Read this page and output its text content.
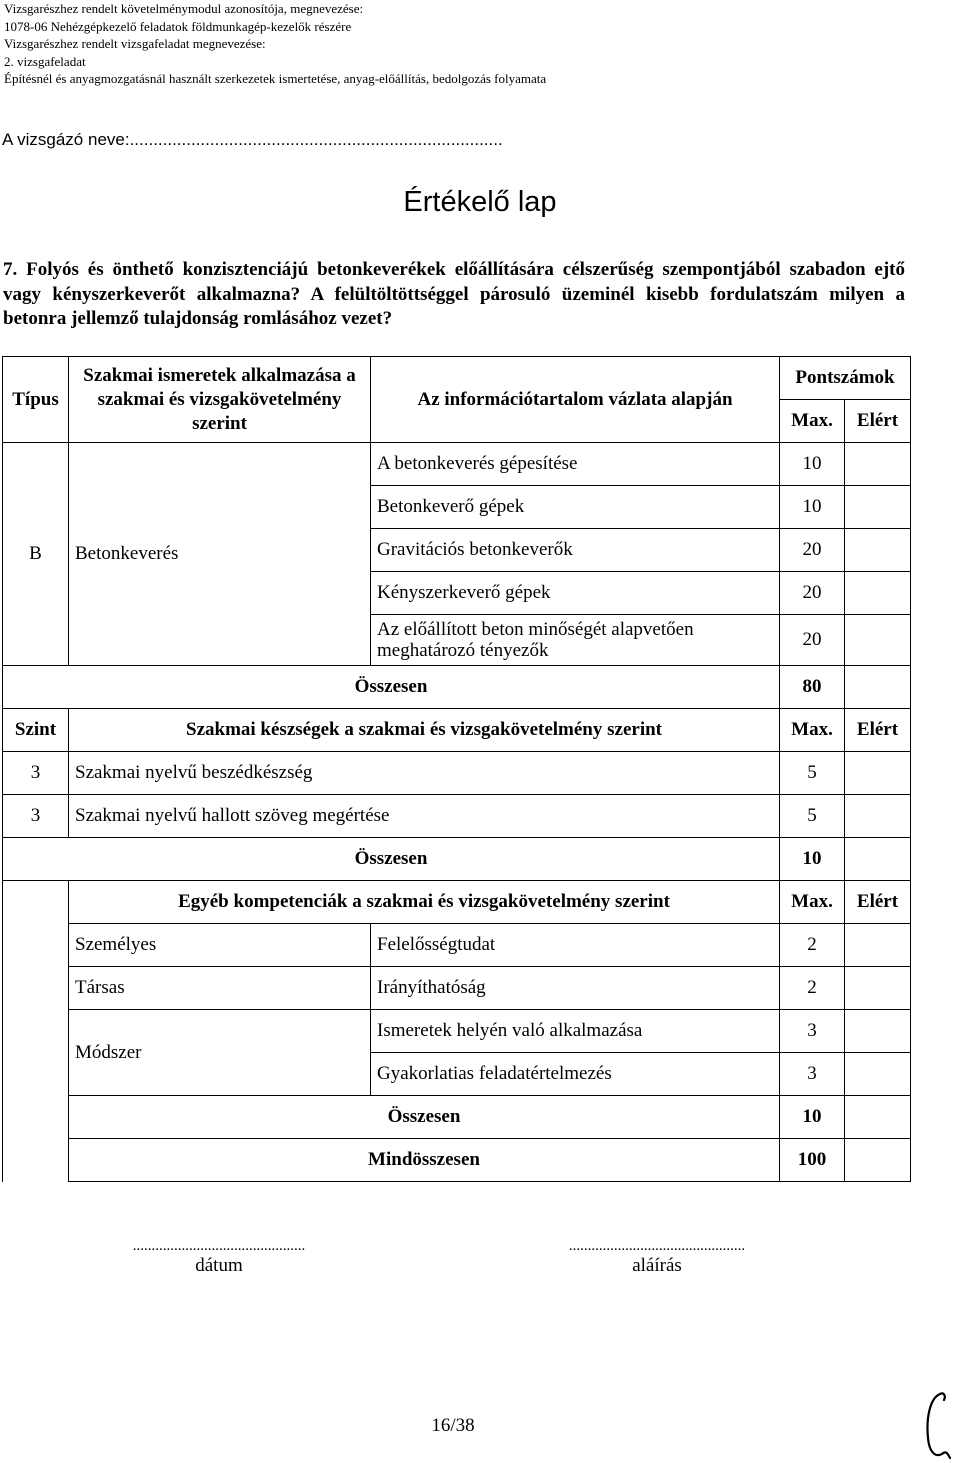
Vizsgarészhez rendelt követelménymodul azonosítója, megnevezése:
1078-06 Nehézgépkezelő feladatok földmunkagép-kezelők részére
Vizsgarészhez rendelt vizsgafeladat megnevezése:
2. vizsgafeladat
Építésnél és anyagmozgatásnál használt szerkezetek ismertetése, anyag-előállítás, bedolgozás folyamata
A vizsgázó neve:...............................................................................
Értékelő lap
7. Folyós és önthető konzisztenciájú betonkeverékek előállítására célszerűség szempontjából szabadon ejtő vagy kényszerkeverőt alkalmazna? A felültöltöttséggel párosuló üzeminél kisebb fordulatszám milyen a betonra jellemző tulajdonság romlásához vezet?
Típus	Szakmai ismeretek alkalmazása a szakmai és vizsgakövetelmény szerint	Az információtartalom vázlata alapján	Pontszámok	
			Max.	Elért
B	Betonkeverés	A betonkeverés gépesítése	10	
		Betonkeverő gépek	10	
		Gravitációs betonkeverők	20	
		Kényszerkeverő gépek	20	
		Az előállított beton minőségét alapvetően meghatározó tényezők	20	
Összesen			80	
Szint	Szakmai készségek a szakmai és vizsgakövetelmény szerint		Max.	Elért
3	Szakmai nyelvű beszédkészség		5	
3	Szakmai nyelvű hallott szöveg megértése		5	
Összesen			10	
	Egyéb kompetenciák a szakmai és vizsgakövetelmény szerint		Max.	Elért
	Személyes	Felelősségtudat	2	
	Társas	Irányíthatóság	2	
	Módszer	Ismeretek helyén való alkalmazása	3	
		Gyakorlatias feladatértelmezés	3	
	Összesen		10	
	Mindösszesen		100	
..............................................
dátum
...............................................
aláírás
16/38
